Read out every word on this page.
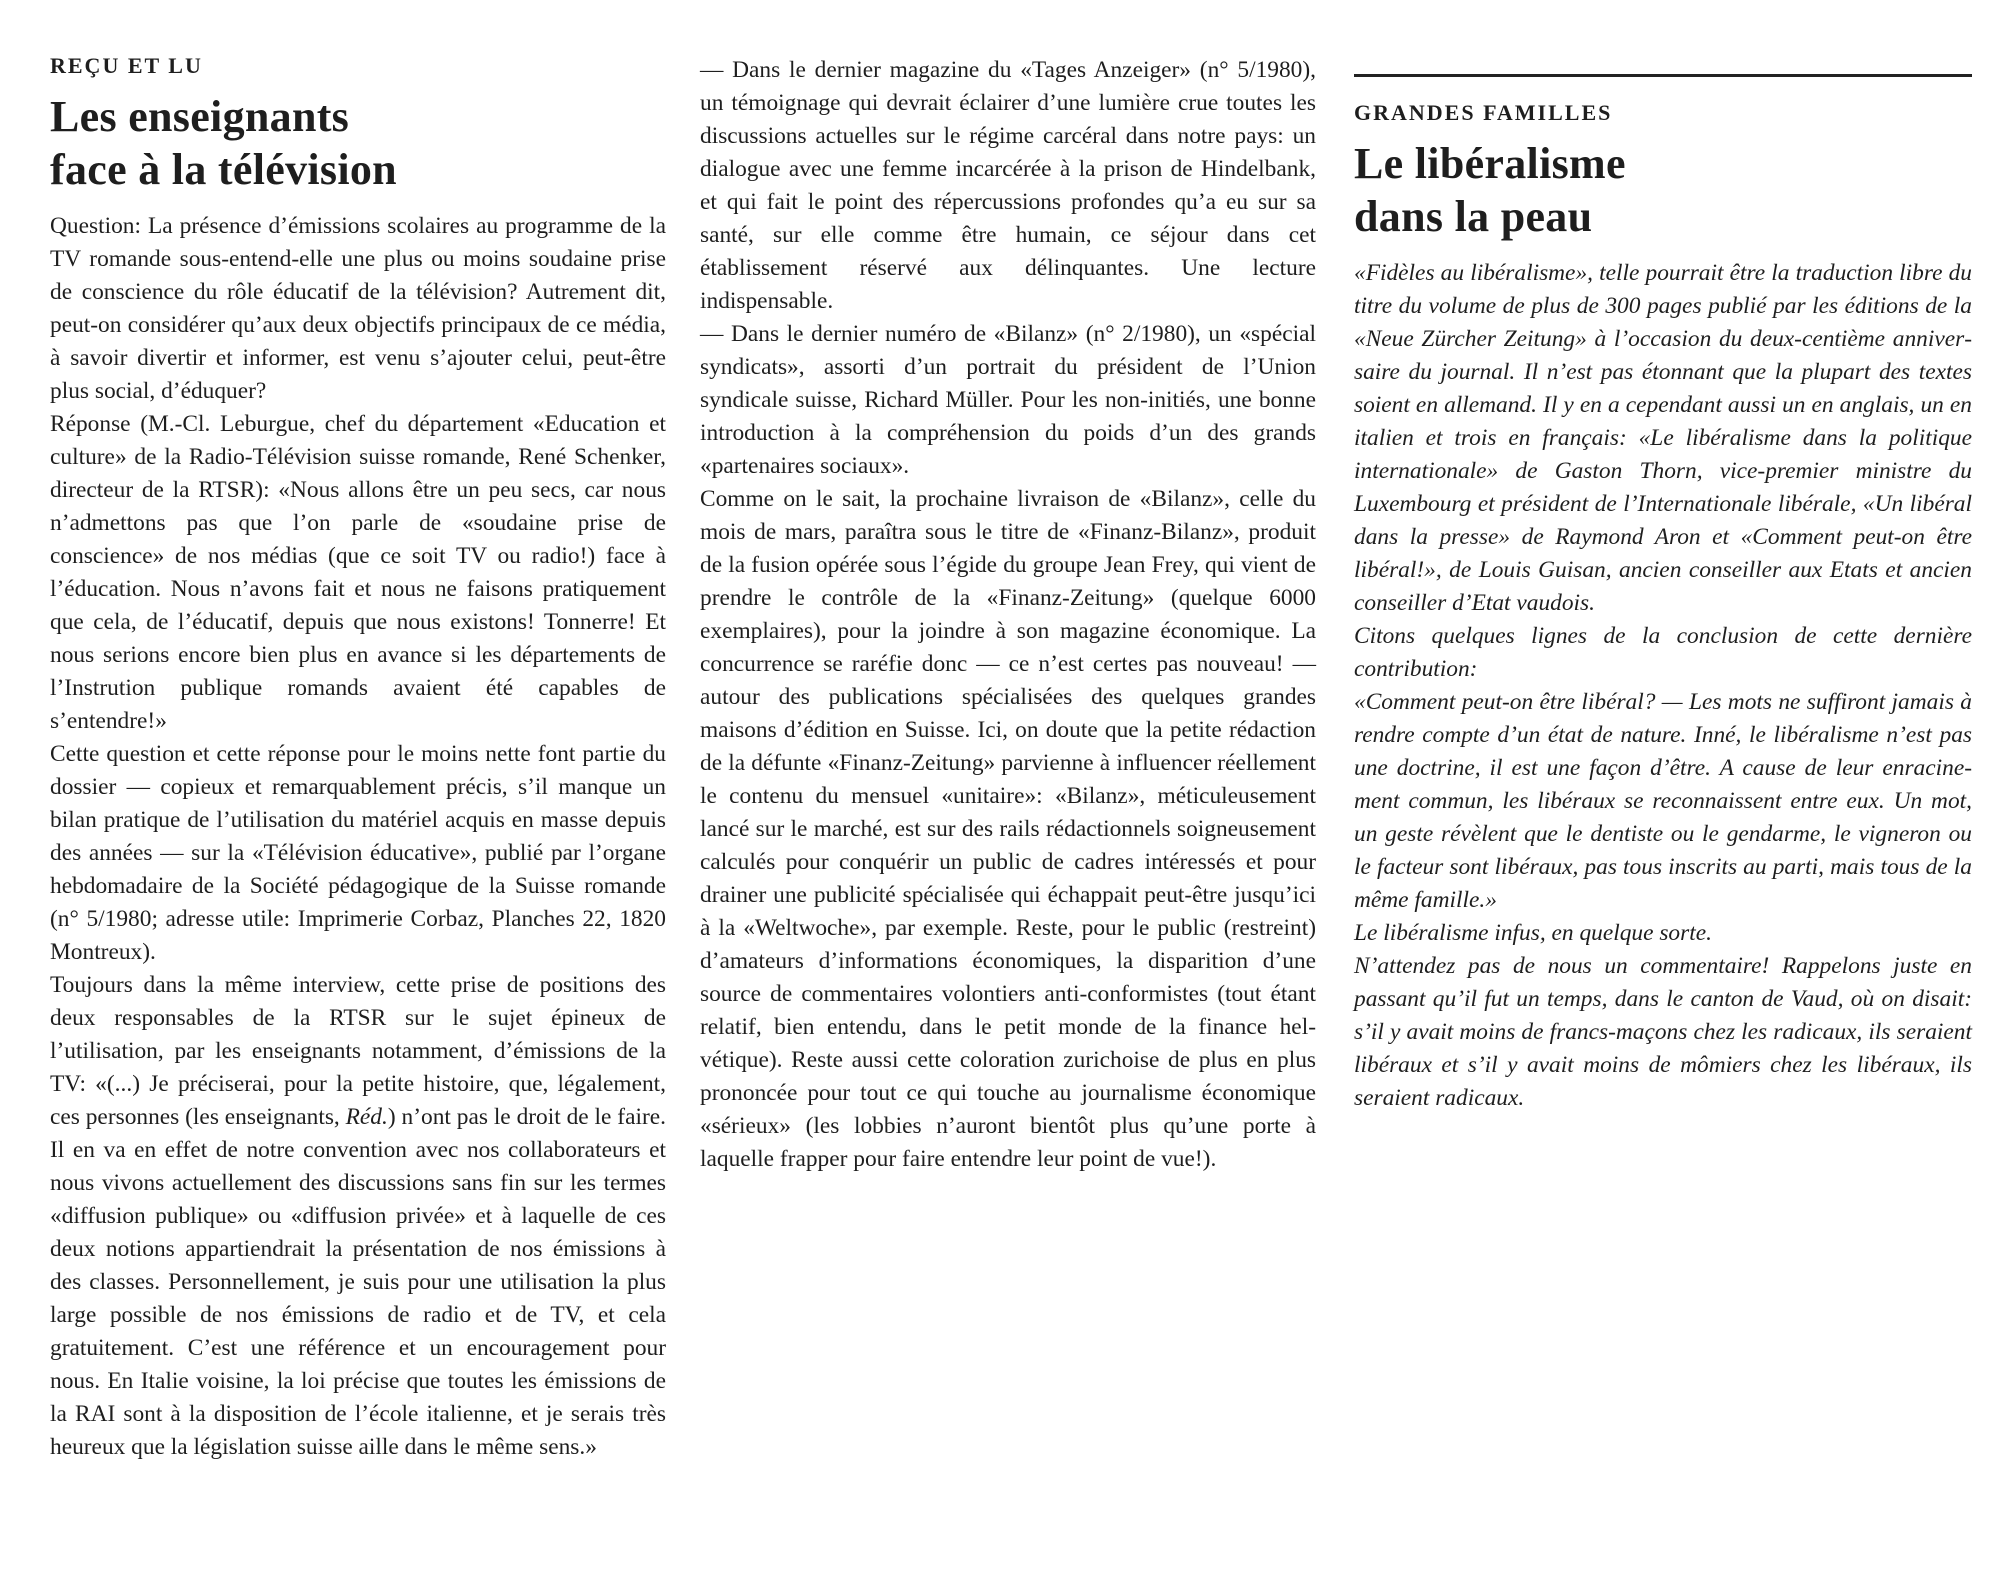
REÇU ET LU
Les enseignants
face à la télévision

Question: La présence d’émissions scolaires au programme de la TV romande sous-entend-elle une plus ou moins soudaine prise de conscience du rôle éducatif de la télévision? Autrement dit, peut-on considérer qu’aux deux objectifs principaux de ce média, à savoir divertir et informer, est venu s’ajouter celui, peut-être plus social, d’éduquer?

Réponse (M.-Cl. Leburgue, chef du département «Education et culture» de la Radio-Télévision suisse romande, René Schenker, directeur de la RTSR): «Nous allons être un peu secs, car nous n’admettons pas que l’on parle de «soudaine prise de conscience» de nos médias (que ce soit TV ou radio!) face à l’éducation. Nous n’avons fait et nous ne faisons pratiquement que cela, de l’éducatif, depuis que nous existons! Tonnerre! Et nous serions encore bien plus en avance si les départements de l’Instrution publique romands avaient été capables de s’entendre!»

Cette question et cette réponse pour le moins nette font partie du dossier — copieux et remarquablement précis, s’il manque un bilan pratique de l’utilisation du matériel acquis en masse depuis des années — sur la «Télévision éducative», publié par l’organe hebdomadaire de la Société pédagogique de la Suisse romande (n° 5/1980; adresse utile: Imprimerie Corbaz, Planches 22, 1820 Montreux).

Toujours dans la même interview, cette prise de positions des deux responsables de la RTSR sur le sujet épineux de l’utilisation, par les enseignants notamment, d’émissions de la TV: «(...) Je préciserai, pour la petite histoire, que, légalement, ces personnes (les enseignants, Réd.) n’ont pas le droit de le faire. Il en va en effet de notre convention avec nos collaborateurs et nous vivons actuellement des discussions sans fin sur les termes «diffusion publique» ou «diffusion privée» et à laquelle de ces deux notions appartiendrait la présentation de nos émissions à des classes. Personnellement, je suis pour une utilisation la plus large possible de nos émissions de radio et de TV, et cela gratuitement. C’est une référence et un encouragement pour nous. En Italie voisine, la loi précise que toutes les émissions de la RAI sont à la disposition de l’école italienne, et je serais très heureux que la législation suisse aille dans le même sens.»

— Dans le dernier magazine du «Tages Anzeiger» (n° 5/1980), un témoignage qui devrait éclairer d’une lumière crue toutes les discussions actuelles sur le régime carcéral dans notre pays: un dialogue avec une femme incarcérée à la prison de Hindelbank, et qui fait le point des répercussions profondes qu’a eu sur sa santé, sur elle comme être humain, ce séjour dans cet établissement réservé aux délinquantes. Une lecture indispensable.

— Dans le dernier numéro de «Bilanz» (n° 2/1980), un «spécial syndicats», assorti d’un portrait du président de l’Union syndicale suisse, Richard Müller. Pour les non-initiés, une bonne introduction à la compréhension du poids d’un des grands «partenaires sociaux».

Comme on le sait, la prochaine livraison de «Bilanz», celle du mois de mars, paraîtra sous le titre de «Finanz-Bilanz», produit de la fusion opérée sous l’égide du groupe Jean Frey, qui vient de prendre le contrôle de la «Finanz-Zeitung» (quelque 6000 exemplaires), pour la joindre à son magazine économique. La concurrence se raréfie donc — ce n’est certes pas nouveau! — autour des publications spécialisées des quelques grandes maisons d’édition en Suisse. Ici, on doute que la petite rédaction de la défunte «Finanz-Zeitung» parvienne à influencer réellement le contenu du mensuel «unitaire»: «Bilanz», méticuleusement lancé sur le marché, est sur des rails rédactionnels soigneusement calculés pour conquérir un public de cadres intéressés et pour drainer une publicité spécialisée qui échappait peut-être jusqu’ici à la «Weltwoche», par exemple. Reste, pour le public (restreint) d’amateurs d’informations économiques, la disparition d’une source de commentaires volontiers anti-conformistes (tout étant relatif, bien entendu, dans le petit monde de la finance helvétique). Reste aussi cette coloration zurichoise de plus en plus prononcée pour tout ce qui touche au journalisme économique «sérieux» (les lobbies n’auront bientôt plus qu’une porte à laquelle frapper pour faire entendre leur point de vue!).

GRANDES FAMILLES
Le libéralisme
dans la peau

«Fidèles au libéralisme», telle pourrait être la traduction libre du titre du volume de plus de 300 pages publié par les éditions de la «Neue Zürcher Zeitung» à l’occasion du deux-centième anniversaire du journal. Il n’est pas étonnant que la plupart des textes soient en allemand. Il y en a cependant aussi un en anglais, un en italien et trois en français: «Le libéralisme dans la politique internationale» de Gaston Thorn, vice-premier ministre du Luxembourg et président de l’Internationale libérale, «Un libéral dans la presse» de Raymond Aron et «Comment peut-on être libéral!», de Louis Guisan, ancien conseiller aux Etats et ancien conseiller d’Etat vaudois.

Citons quelques lignes de la conclusion de cette dernière contribution:

«Comment peut-on être libéral? — Les mots ne suffiront jamais à rendre compte d’un état de nature. Inné, le libéralisme n’est pas une doctrine, il est une façon d’être. A cause de leur enracinement commun, les libéraux se reconnaissent entre eux. Un mot, un geste révèlent que le dentiste ou le gendarme, le vigneron ou le facteur sont libéraux, pas tous inscrits au parti, mais tous de la même famille.»

Le libéralisme infus, en quelque sorte.

N’attendez pas de nous un commentaire! Rappelons juste en passant qu’il fut un temps, dans le canton de Vaud, où on disait: s’il y avait moins de francs-maçons chez les radicaux, ils seraient libéraux et s’il y avait moins de mômiers chez les libéraux, ils seraient radicaux.
